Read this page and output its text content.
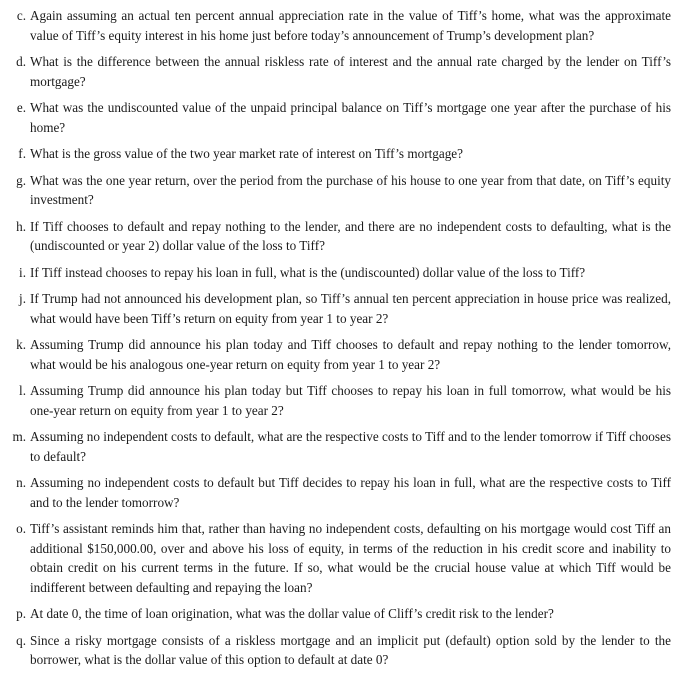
c. Again assuming an actual ten percent annual appreciation rate in the value of Tiff’s home, what was the approximate value of Tiff’s equity interest in his home just before today’s announcement of Trump’s development plan?
d. What is the difference between the annual riskless rate of interest and the annual rate charged by the lender on Tiff’s mortgage?
e. What was the undiscounted value of the unpaid principal balance on Tiff’s mortgage one year after the purchase of his home?
f. What is the gross value of the two year market rate of interest on Tiff’s mortgage?
g. What was the one year return, over the period from the purchase of his house to one year from that date, on Tiff’s equity investment?
h. If Tiff chooses to default and repay nothing to the lender, and there are no independent costs to defaulting, what is the (undiscounted or year 2) dollar value of the loss to Tiff?
i. If Tiff instead chooses to repay his loan in full, what is the (undiscounted) dollar value of the loss to Tiff?
j. If Trump had not announced his development plan, so Tiff’s annual ten percent appreciation in house price was realized, what would have been Tiff’s return on equity from year 1 to year 2?
k. Assuming Trump did announce his plan today and Tiff chooses to default and repay nothing to the lender tomorrow, what would be his analogous one-year return on equity from year 1 to year 2?
l. Assuming Trump did announce his plan today but Tiff chooses to repay his loan in full tomorrow, what would be his one-year return on equity from year 1 to year 2?
m. Assuming no independent costs to default, what are the respective costs to Tiff and to the lender tomorrow if Tiff chooses to default?
n. Assuming no independent costs to default but Tiff decides to repay his loan in full, what are the respective costs to Tiff and to the lender tomorrow?
o. Tiff’s assistant reminds him that, rather than having no independent costs, defaulting on his mortgage would cost Tiff an additional $150,000.00, over and above his loss of equity, in terms of the reduction in his credit score and inability to obtain credit on his current terms in the future. If so, what would be the crucial house value at which Tiff would be indifferent between defaulting and repaying the loan?
p. At date 0, the time of loan origination, what was the dollar value of Cliff’s credit risk to the lender?
q. Since a risky mortgage consists of a riskless mortgage and an implicit put (default) option sold by the lender to the borrower, what is the dollar value of this option to default at date 0?
